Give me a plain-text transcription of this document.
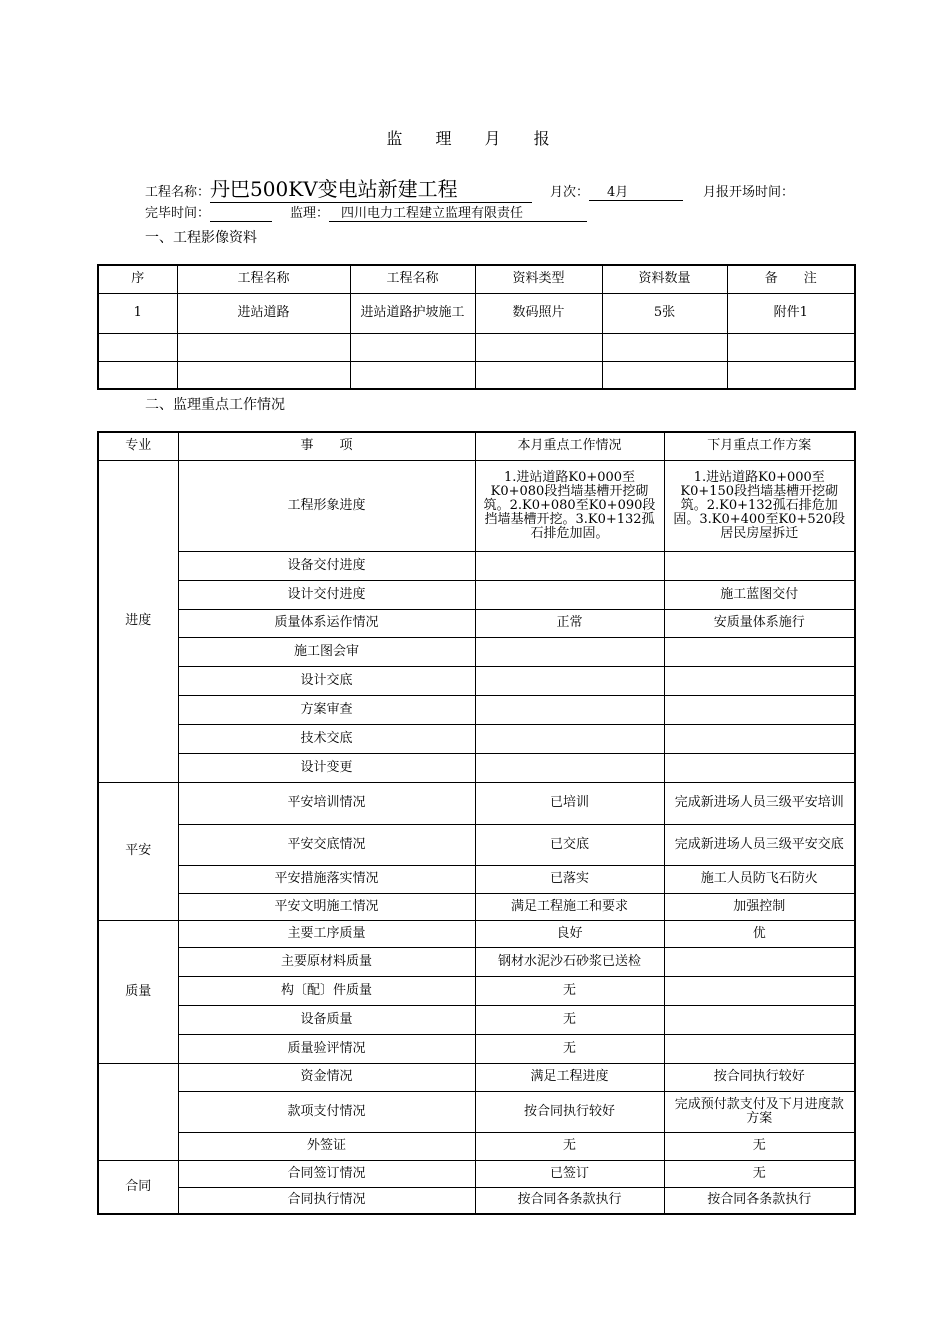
监 理 月 报
工程名称：丹巴500KV变电站新建工程	月次： 4月	月报开场时间：
完毕时间：	监理： 四川电力工程建立监理有限责任
一、工程影像资料
序	工程名称	工程名称	资料类型	资料数量	备　　注
1	进站道路	进站道路护坡施工	数码照片	5张	附件1

二、监理重点工作情况
专业	事　　项	本月重点工作情况	下月重点工作方案
进度	工程形象进度	1.进站道路K0+000至K0+080段挡墙基槽开挖砌筑。2.K0+080至K0+090段挡墙基槽开挖。3.K0+132孤石排危加固。	1.进站道路K0+000至K0+150段挡墙基槽开挖砌筑。2.K0+132孤石排危加固。3.K0+400至K0+520段居民房屋拆迁
	设备交付进度		
	设计交付进度		施工蓝图交付
	质量体系运作情况	正常	安质量体系施行
	施工图会审		
	设计交底		
	方案审查		
	技术交底		
	设计变更		
平安	平安培训情况	已培训	完成新进场人员三级平安培训
	平安交底情况	已交底	完成新进场人员三级平安交底
	平安措施落实情况	已落实	施工人员防飞石防火
	平安文明施工情况	满足工程施工和要求	加强控制
质量	主要工序质量	良好	优
	主要原材料质量	钢材水泥沙石砂浆已送检	
	构〔配〕件质量	无	
	设备质量	无	
	质量验评情况	无	
	资金情况	满足工程进度	按合同执行较好
	款项支付情况	按合同执行较好	完成预付款支付及下月进度款方案
	外签证	无	无
合同	合同签订情况	已签订	无
	合同执行情况	按合同各条款执行	按合同各条款执行
